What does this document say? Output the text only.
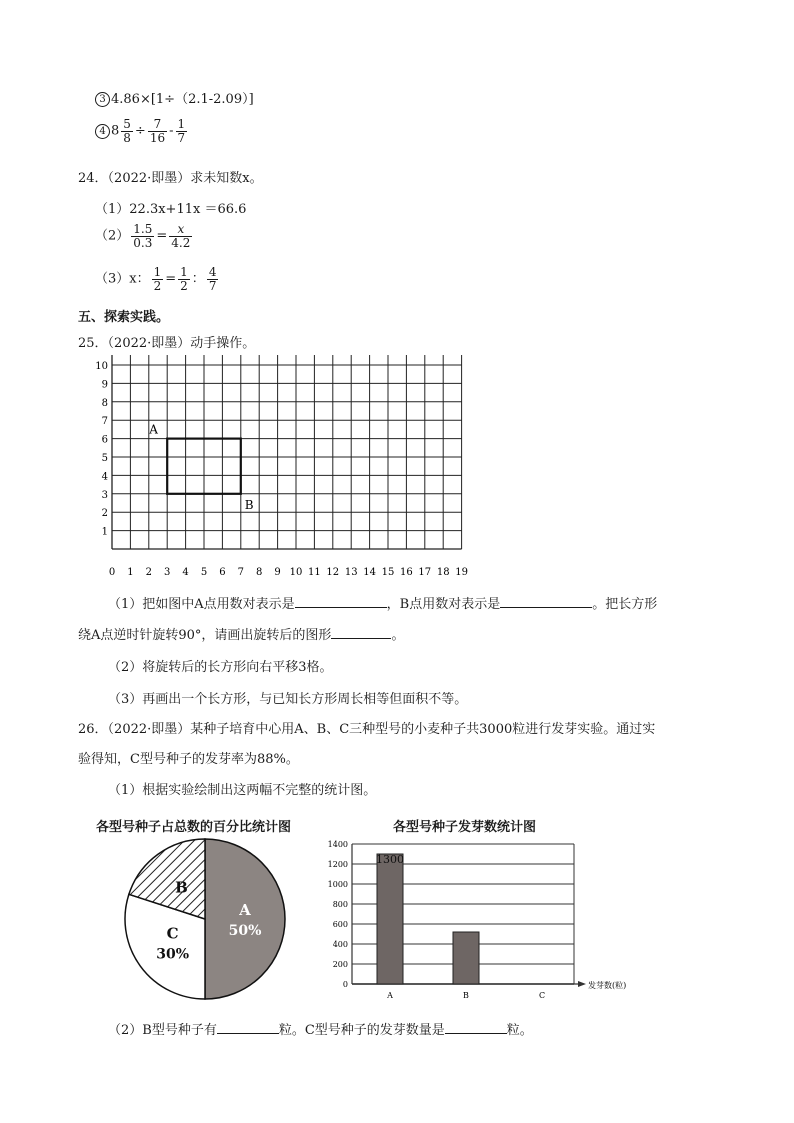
3 4.86×[1÷（2.1-2.09）]
4 $8 \frac{5}{8} \div \frac{7}{16} - \frac{1}{7}$
24．（2022·即墨）求未知数x。
（1）22.3x+11x ＝66.6
$(2) \frac{1.5}{0.3} = \frac{x}{4.2}$
（3）x： $\frac{1}{2} = \frac{1}{2}$ ： $\frac{4}{7}$
五、探索实践。
25．（2022·即墨）动手操作。
0 1 2 3 4 5 6 7 8 9 10 11 12 13 14 15 16 17 18 19
1
2
3
4
5
6
7
8
9
10
A
B
（1）把如图中A点用数对表示是	，B点用数对表示是	。把长方形
绕A点逆时针旋转90°，请画出旋转后的图形	。
（2）将旋转后的长方形向右平移3格。
（3）再画出一个长方形，与已知长方形周长相等但面积不等。
26．（2022·即墨）某种子培育中心用A、B、C三种型号的小麦种子共3000粒进行发芽实验。通过实
验得知，C型号种子的发芽率为88%。
（1）根据实验绘制出这两幅不完整的统计图。
各型号种子占总数的百分比统计图
A
50%
C
30%
B
各型号种子发芽数统计图
0
200
400
600
800
1000
1200
1400
发芽数(粒)
1300
A	B	C
（2）B型号种子有	粒。C型号种子的发芽数量是	粒。
